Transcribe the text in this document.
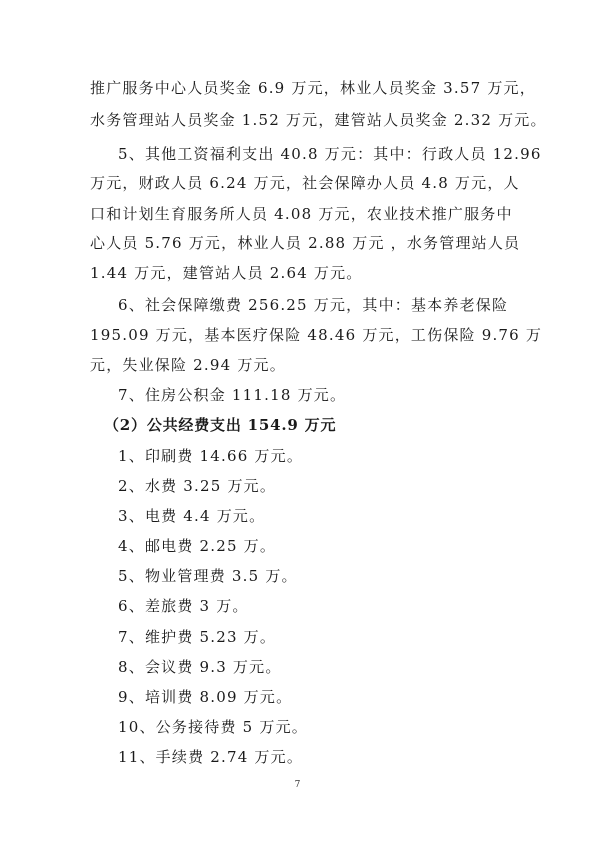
推广服务中心人员奖金 6.9 万元，林业人员奖金 3.57 万元，
水务管理站人员奖金 1.52 万元，建管站人员奖金 2.32 万元。
5、其他工资福利支出 40.8 万元：其中：行政人员 12.96
万元，财政人员 6.24 万元，社会保障办人员 4.8 万元，人
口和计划生育服务所人员 4.08 万元，农业技术推广服务中
心人员 5.76 万元，林业人员 2.88 万元 ，水务管理站人员
1.44 万元，建管站人员 2.64 万元。
6、社会保障缴费 256.25 万元，其中：基本养老保险
195.09 万元，基本医疗保险 48.46 万元，工伤保险 9.76 万
元，失业保险 2.94 万元。
7、住房公积金 111.18 万元。
（2）公共经费支出 154.9 万元
1、印刷费 14.66 万元。
2、水费 3.25 万元。
3、电费 4.4 万元。
4、邮电费 2.25 万。
5、物业管理费 3.5 万。
6、差旅费 3 万。
7、维护费 5.23 万。
8、会议费 9.3 万元。
9、培训费 8.09 万元。
10、公务接待费 5 万元。
11、手续费 2.74 万元。
7
